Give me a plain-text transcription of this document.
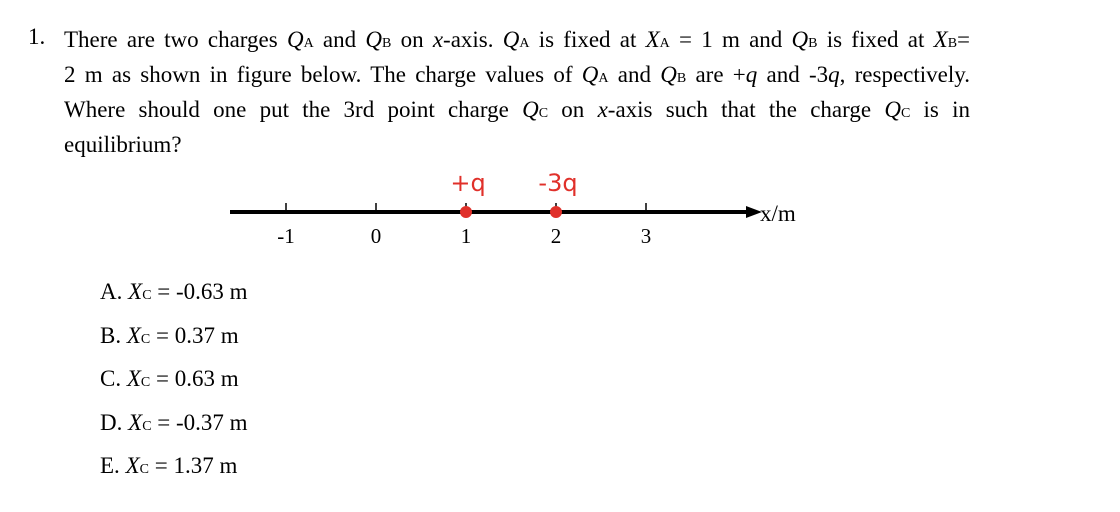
1. There are two charges QA and QB on x-axis. QA is fixed at XA = 1 m and QB is fixed at XB=
2 m as shown in figure below. The charge values of QA and QB are +q and -3q, respectively.
Where should one put the 3rd point charge QC on x-axis such that the charge QC is in
equilibrium?
x/m
-1	0	1	2	3
+q -3q
A. XC = -0.63 m
B. XC = 0.37 m
C. XC = 0.63 m
D. XC = -0.37 m
E. XC = 1.37 m
